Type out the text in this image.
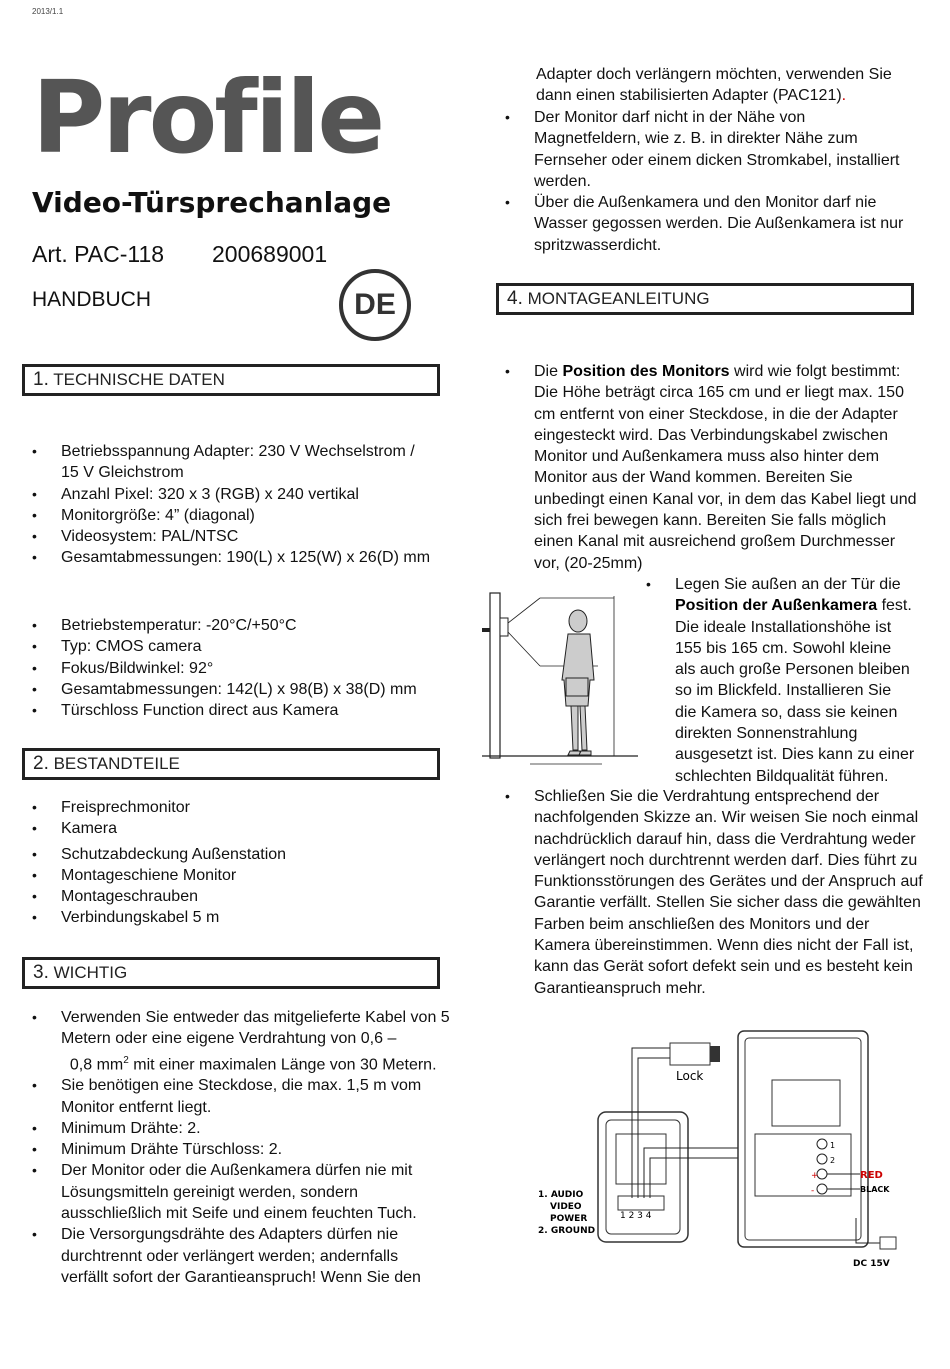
2013/1.1
Profile
Video-Türsprechanlage
Art. PAC-118 200689001
HANDBUCH	DE
1. TECHNISCHE DATEN
• Betriebsspannung Adapter: 230 V Wechselstrom / 15 V Gleichstrom
• Anzahl Pixel: 320 x 3 (RGB) x 240 vertikal
• Monitorgröße: 4” (diagonal)
• Videosystem: PAL/NTSC
• Gesamtabmessungen: 190(L) x 125(W) x 26(D) mm
• Betriebstemperatur: -20°C/+50°C
• Typ: CMOS camera
• Fokus/Bildwinkel: 92°
• Gesamtabmessungen: 142(L) x 98(B) x 38(D) mm
• Türschloss Function direct aus Kamera
2. BESTANDTEILE
• Freisprechmonitor
• Kamera
• Schutzabdeckung Außenstation
• Montageschiene Monitor
• Montageschrauben
• Verbindungskabel 5 m
3. WICHTIG
• Verwenden Sie entweder das mitgelieferte Kabel von 5 Metern oder eine eigene Verdrahtung von 0,6 –
0,8 $mm^2$ mit einer maximalen Länge von 30 Metern.
• Sie benötigen eine Steckdose, die max. 1,5 m vom Monitor entfernt liegt.
• Minimum Drähte: 2.
• Minimum Drähte Türschloss: 2.
• Der Monitor oder die Außenkamera dürfen nie mit Lösungsmitteln gereinigt werden, sondern ausschließlich mit Seife und einem feuchten Tuch.
• Die Versorgungsdrähte des Adapters dürfen nie durchtrennt oder verlängert werden; andernfalls verfällt sofort der Garantieanspruch! Wenn Sie den
Adapter doch verlängern möchten, verwenden Sie dann einen stabilisierten Adapter (PAC121).
• Der Monitor darf nicht in der Nähe von Magnetfeldern, wie z. B. in direkter Nähe zum Fernseher oder einem dicken Stromkabel, installiert werden.
• Über die Außenkamera und den Monitor darf nie Wasser gegossen werden. Die Außenkamera ist nur spritzwasserdicht.
4. MONTAGEANLEITUNG
• Die Position des Monitors wird wie folgt bestimmt: Die Höhe beträgt circa 165 cm und er liegt max. 150 cm entfernt von einer Steckdose, in die der Adapter eingesteckt wird. Das Verbindungskabel zwischen Monitor und Außenkamera muss also hinter dem Monitor aus der Wand kommen. Bereiten Sie unbedingt einen Kanal vor, in dem das Kabel liegt und sich frei bewegen kann. Bereiten Sie falls möglich einen Kanal mit ausreichend großem Durchmesser vor, (20-25mm)
• Legen Sie außen an der Tür die Position der Außenkamera fest. Die ideale Installationshöhe ist 155 bis 165 cm. Sowohl kleine als auch große Personen bleiben so im Blickfeld. Installieren Sie die Kamera so, dass sie keinen direkten Sonnenstrahlung ausgesetzt ist. Dies kann zu einer schlechten Bildqualität führen.
• Schließen Sie die Verdrahtung entsprechend der nachfolgenden Skizze an. Wir weisen Sie noch einmal nachdrücklich darauf hin, dass die Verdrahtung weder verlängert noch durchtrennt werden darf. Dies führt zu Funktionsstörungen des Gerätes und der Anspruch auf Garantie verfällt. Stellen Sie sicher dass die gewählten Farben beim anschließen des Monitors und der Kamera übereinstimmen. Wenn dies nicht der Fall ist, kann das Gerät sofort defekt sein und es besteht kein Garantieanspruch mehr.
1 2 3 4
Lock
1
2
+
-
RED
BLACK
DC 15V
1. AUDIO
VIDEO
POWER
2. GROUND
